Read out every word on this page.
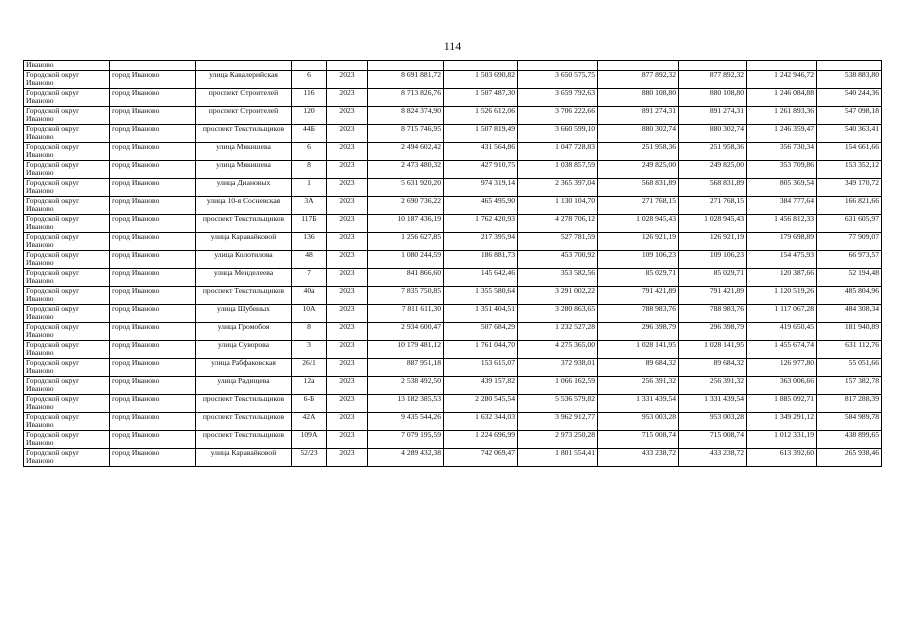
114
Иваново											
Городской округ Иваново	город Иваново	улица Кавалерийская	6	2023	8 691 881,72	1 503 690,82	3 650 575,75	877 892,32	877 892,32	1 242 946,72	538 883,80
Городской округ Иваново	город Иваново	проспект Строителей	116	2023	8 713 826,76	1 507 487,30	3 659 792,63	880 108,80	880 108,80	1 246 084,88	540 244,36
Городской округ Иваново	город Иваново	проспект Строителей	120	2023	8 824 374,90	1 526 612,06	3 706 222,66	891 274,31	891 274,31	1 261 893,36	547 098,18
Городской округ Иваново	город Иваново	проспект Текстильщиков	44Б	2023	8 715 746,95	1 507 819,49	3 660 599,10	880 302,74	880 302,74	1 246 359,47	540 363,41
Городской округ Иваново	город Иваново	улица Мякишева	6	2023	2 494 602,42	431 564,86	1 047 728,83	251 958,36	251 958,36	356 730,34	154 661,66
Городской округ Иваново	город Иваново	улица Мякишева	8	2023	2 473 480,32	427 910,75	1 038 857,59	249 825,00	249 825,00	353 709,86	153 352,12
Городской округ Иваново	город Иваново	улица Диановых	1	2023	5 631 920,20	974 319,14	2 365 397,04	568 831,89	568 831,89	805 369,54	349 170,72
Городской округ Иваново	город Иваново	улица 10-я Сосневская	3А	2023	2 690 736,22	465 495,90	1 130 104,70	271 768,15	271 768,15	384 777,64	166 821,66
Городской округ Иваново	город Иваново	проспект Текстильщиков	117Б	2023	10 187 436,19	1 762 420,93	4 278 706,12	1 028 945,43	1 028 945,43	1 456 812,33	631 605,97
Городской округ Иваново	город Иваново	улица Каравайковой	136	2023	1 256 627,85	217 395,94	527 781,59	126 921,19	126 921,19	179 698,89	77 909,07
Городской округ Иваново	город Иваново	улица Колотилова	48	2023	1 080 244,59	186 881,73	453 700,92	109 106,23	109 106,23	154 475,93	66 973,57
Городской округ Иваново	город Иваново	улица Менделеева	7	2023	841 866,60	145 642,46	353 582,56	85 029,71	85 029,71	120 387,66	52 194,48
Городской округ Иваново	город Иваново	проспект Текстильщиков	40а	2023	7 835 750,85	1 355 580,64	3 291 002,22	791 421,89	791 421,89	1 120 519,26	485 804,96
Городской округ Иваново	город Иваново	улица Шубиных	10А	2023	7 811 611,30	1 351 404,51	3 280 863,65	788 983,76	788 983,76	1 117 067,28	484 308,34
Городской округ Иваново	город Иваново	улица Громобоя	8	2023	2 934 600,47	507 684,29	1 232 527,28	296 398,79	296 398,79	419 650,45	181 940,89
Городской округ Иваново	город Иваново	улица Суворова	3	2023	10 179 481,12	1 761 044,70	4 275 365,00	1 028 141,95	1 028 141,95	1 455 674,74	631 112,76
Городской округ Иваново	город Иваново	улица Рабфаковская	26/1	2023	887 951,18	153 615,07	372 938,01	89 684,32	89 684,32	126 977,80	55 051,66
Городской округ Иваново	город Иваново	улица Радищева	12а	2023	2 538 492,50	439 157,82	1 066 162,59	256 391,32	256 391,32	363 006,66	157 382,78
Городской округ Иваново	город Иваново	проспект Текстильщиков	6-Б	2023	13 182 385,53	2 280 545,54	5 536 579,82	1 331 439,54	1 331 439,54	1 885 092,71	817 288,39
Городской округ Иваново	город Иваново	проспект Текстильщиков	42А	2023	9 435 544,26	1 632 344,03	3 962 912,77	953 003,28	953 003,28	1 349 291,12	584 989,78
Городской округ Иваново	город Иваново	проспект Текстильщиков	109А	2023	7 079 195,59	1 224 696,99	2 973 250,28	715 008,74	715 008,74	1 012 331,19	438 899,65
Городской округ Иваново	город Иваново	улица Каравайковой	52/23	2023	4 289 432,38	742 069,47	1 801 554,41	433 238,72	433 238,72	613 392,60	265 938,46
